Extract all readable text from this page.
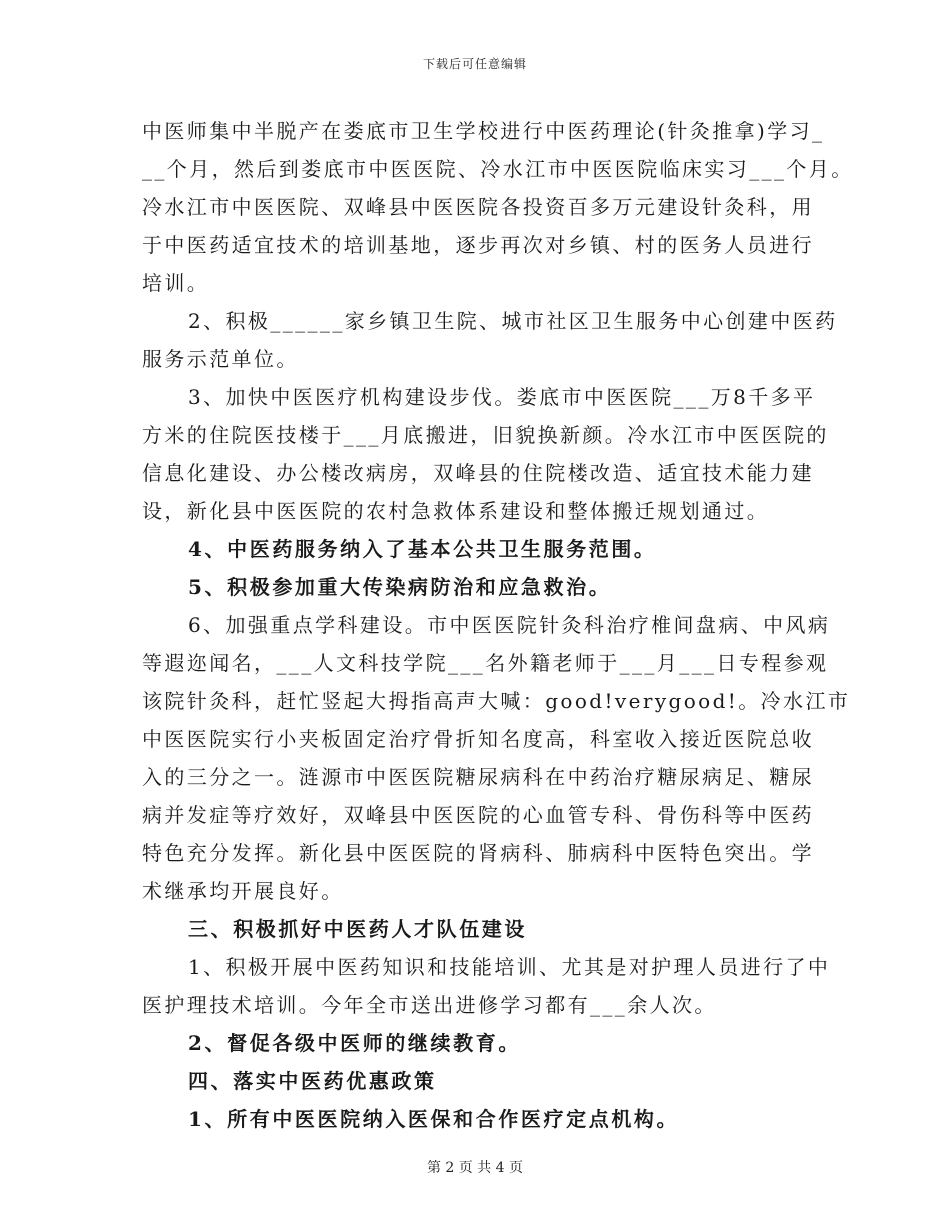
下载后可任意编辑
中医师集中半脱产在娄底市卫生学校进行中医药理论(针灸推拿)学习_
__个月，然后到娄底市中医医院、冷水江市中医医院临床实习___个月。
冷水江市中医医院、双峰县中医医院各投资百多万元建设针灸科，用
于中医药适宜技术的培训基地，逐步再次对乡镇、村的医务人员进行
培训。
2、积极______家乡镇卫生院、城市社区卫生服务中心创建中医药
服务示范单位。
3、加快中医医疗机构建设步伐。娄底市中医医院___万8千多平
方米的住院医技楼于___月底搬进，旧貌换新颜。冷水江市中医医院的
信息化建设、办公楼改病房，双峰县的住院楼改造、适宜技术能力建
设，新化县中医医院的农村急救体系建设和整体搬迁规划通过。
4、中医药服务纳入了基本公共卫生服务范围。
5、积极参加重大传染病防治和应急救治。
6、加强重点学科建设。市中医医院针灸科治疗椎间盘病、中风病
等遐迩闻名，___人文科技学院___名外籍老师于___月___日专程参观
该院针灸科，赶忙竖起大拇指高声大喊：good!verygood!。冷水江市
中医医院实行小夹板固定治疗骨折知名度高，科室收入接近医院总收
入的三分之一。涟源市中医医院糖尿病科在中药治疗糖尿病足、糖尿
病并发症等疗效好，双峰县中医医院的心血管专科、骨伤科等中医药
特色充分发挥。新化县中医医院的肾病科、肺病科中医特色突出。学
术继承均开展良好。
三、积极抓好中医药人才队伍建设
1、积极开展中医药知识和技能培训、尤其是对护理人员进行了中
医护理技术培训。今年全市送出进修学习都有___余人次。
2、督促各级中医师的继续教育。
四、落实中医药优惠政策
1、所有中医医院纳入医保和合作医疗定点机构。
第 2 页 共 4 页
